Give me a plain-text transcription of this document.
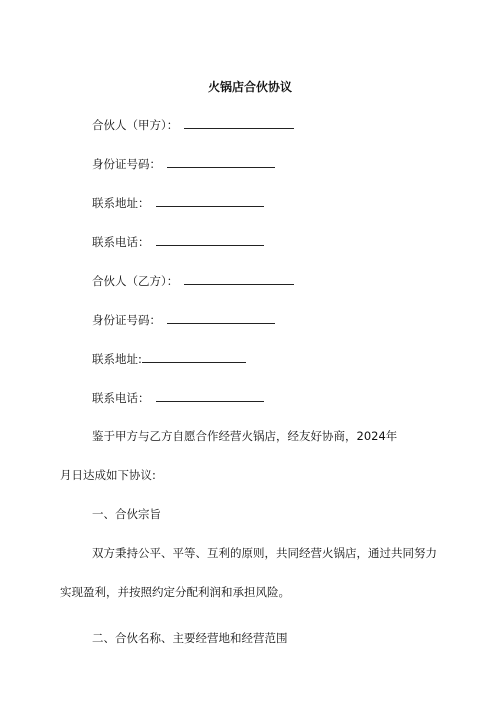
火锅店合伙协议
合伙人（甲方）：
身份证号码：
联系地址：
联系电话：
合伙人（乙方）：
身份证号码：
联系地址:
联系电话：
鉴于甲方与乙方自愿合作经营火锅店，经友好协商，2024年
月日达成如下协议:
一、合伙宗旨
双方秉持公平、平等、互利的原则，共同经营火锅店，通过共同努力
实现盈利，并按照约定分配利润和承担风险。
二、合伙名称、主要经营地和经营范围
